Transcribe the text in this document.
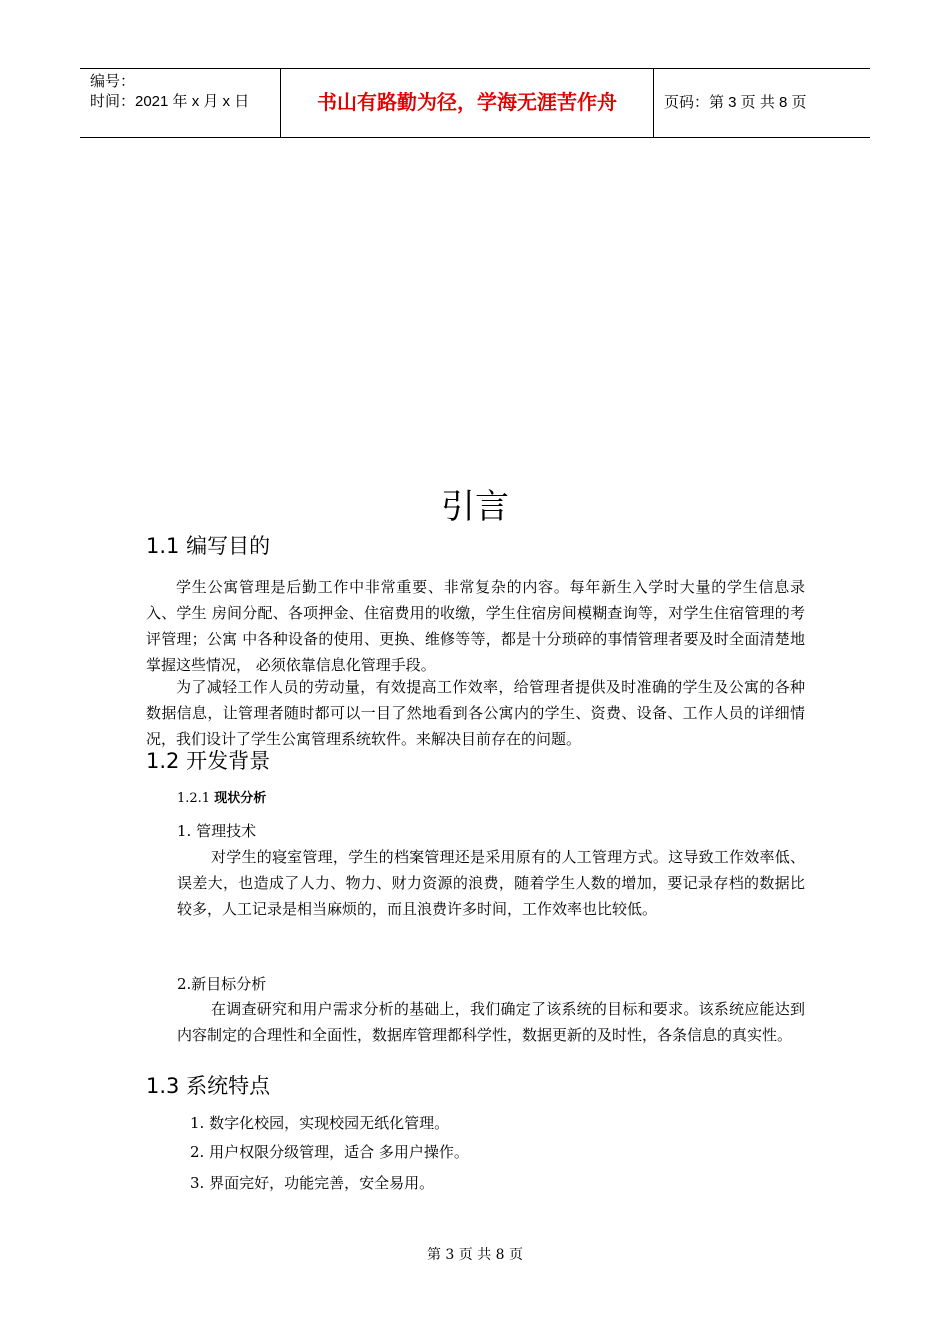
编号：
时间：2021 年 x 月 x 日	书山有路勤为径，学海无涯苦作舟	页码：第 3 页 共 8 页
引言
1.1 编写目的
学生公寓管理是后勤工作中非常重要、非常复杂的内容。每年新生入学时大量的学生信息录入、学生 房间分配、各项押金、住宿费用的收缴，学生住宿房间模糊查询等，对学生住宿管理的考评管理；公寓 中各种设备的使用、更换、维修等等，都是十分琐碎的事情管理者要及时全面清楚地掌握这些情况， 必须依靠信息化管理手段。
为了减轻工作人员的劳动量，有效提高工作效率，给管理者提供及时准确的学生及公寓的各种数据信息，让管理者随时都可以一目了然地看到各公寓内的学生、资费、设备、工作人员的详细情况，我们设计了学生公寓管理系统软件。来解决目前存在的问题。
1.2 开发背景
1.2.1 现状分析
1. 管理技术
对学生的寝室管理，学生的档案管理还是采用原有的人工管理方式。这导致工作效率低、误差大，也造成了人力、物力、财力资源的浪费，随着学生人数的增加，要记录存档的数据比较多，人工记录是相当麻烦的，而且浪费许多时间，工作效率也比较低。
2.新目标分析
在调查研究和用户需求分析的基础上，我们确定了该系统的目标和要求。该系统应能达到内容制定的合理性和全面性，数据库管理都科学性，数据更新的及时性，各条信息的真实性。
1.3 系统特点
1. 数字化校园，实现校园无纸化管理。
2. 用户权限分级管理，适合 多用户操作。
3. 界面完好，功能完善，安全易用。
第 3 页 共 8 页
